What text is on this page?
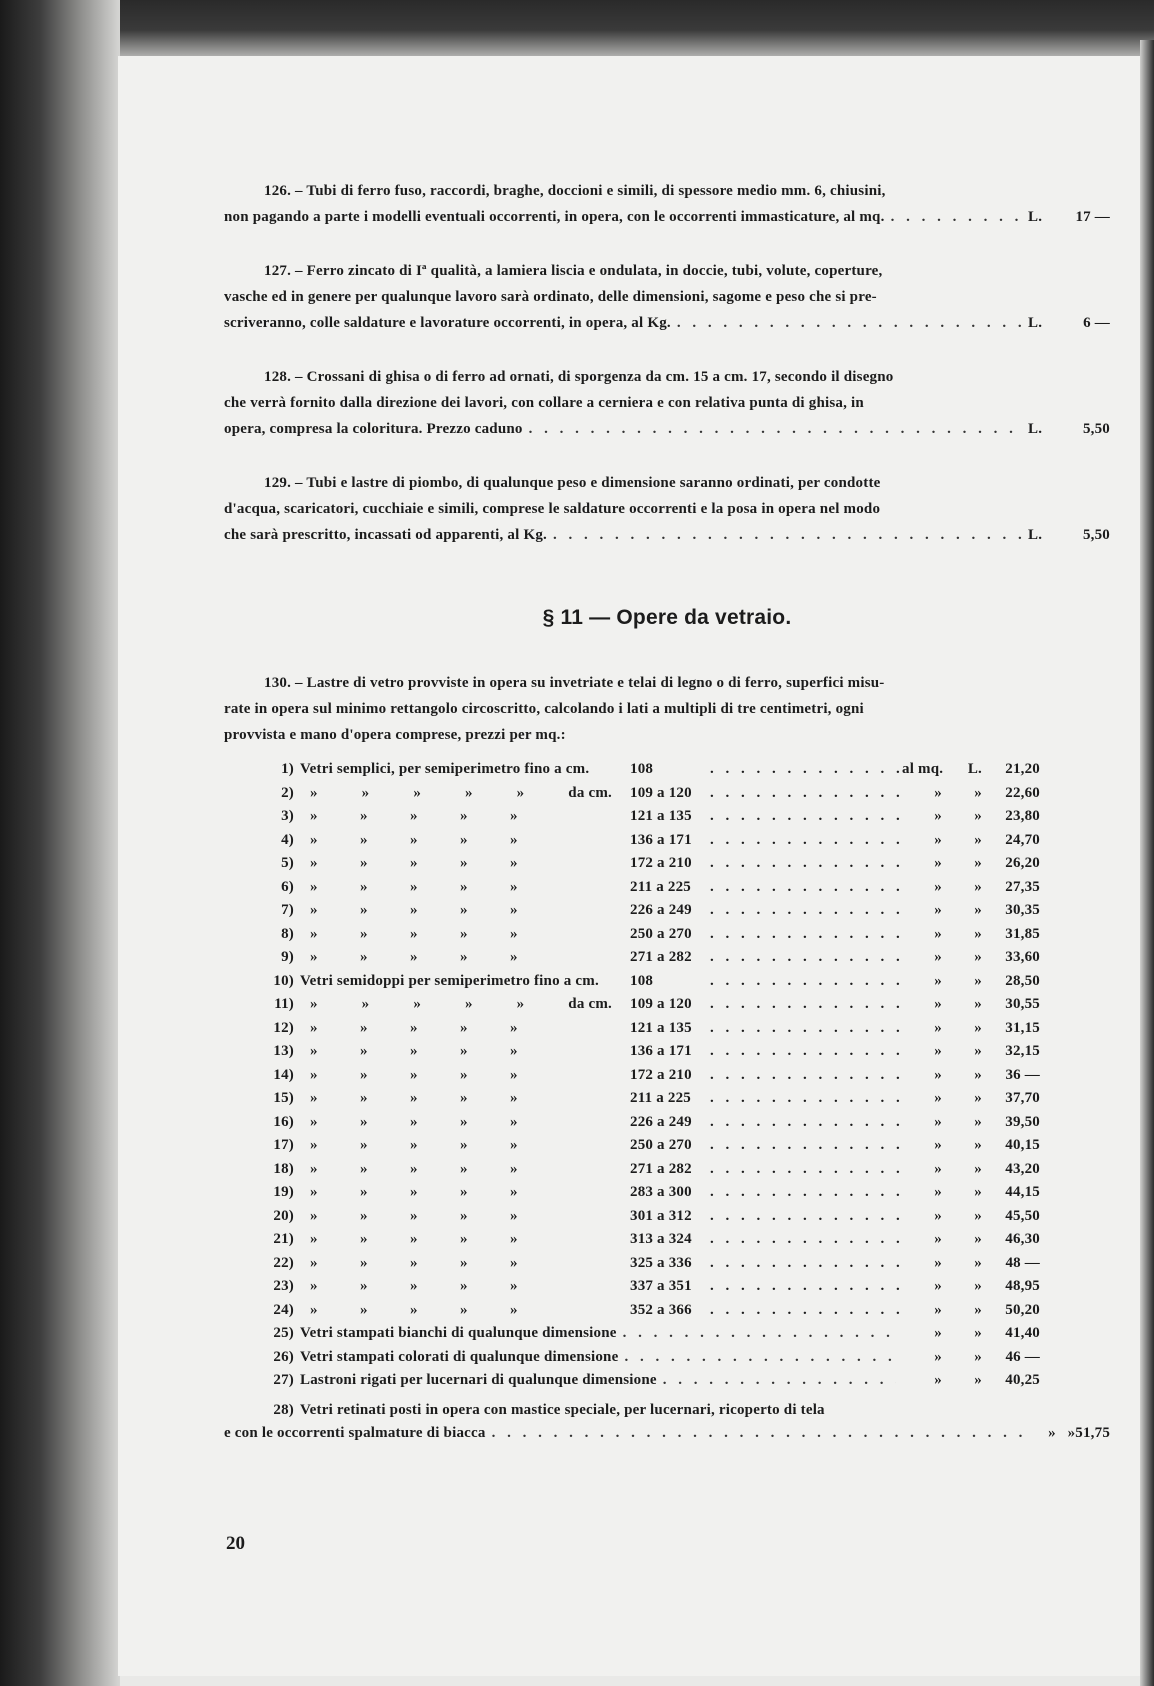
126. – Tubi di ferro fuso, raccordi, braghe, doccioni e simili, di spessore medio mm. 6, chiusini,
non pagando a parte i modelli eventuali occorrenti, in opera, con le occorrenti immasticature, al mq. . . .	L.	17 —
127. – Ferro zincato di Iª qualità, a lamiera liscia e ondulata, in doccie, tubi, volute, coperture,
vasche ed in genere per qualunque lavoro sarà ordinato, delle dimensioni, sagome e peso che si pre-
scriveranno, colle saldature e lavorature occorrenti, in opera, al Kg. . . .	L.	6 —
128. – Crossani di ghisa o di ferro ad ornati, di sporgenza da cm. 15 a cm. 17, secondo il disegno
che verrà fornito dalla direzione dei lavori, con collare a cerniera e con relativa punta di ghisa, in
opera, compresa la coloritura. Prezzo caduno . . .	L.	5,50
129. – Tubi e lastre di piombo, di qualunque peso e dimensione saranno ordinati, per condotte
d'acqua, scaricatori, cucchiaie e simili, comprese le saldature occorrenti e la posa in opera nel modo
che sarà prescritto, incassati od apparenti, al Kg. . . .	L.	5,50
§ 11 — Opere da vetraio.
130. – Lastre di vetro provviste in opera su invetriate e telai di legno o di ferro, superfici misu-
rate in opera sul minimo rettangolo circoscritto, calcolando i lati a multipli di tre centimetri, ogni
provvista e mano d'opera comprese, prezzi per mq.:
1) Vetri semplici, per semiperimetro fino a cm.	108 . . .	al mq.	L.	21,20
2)	»	»	»	»	»	da cm. 109 a 120 . . .	»	»	22,60
3)	»	»	»	»	»	121 a 135 . . .	»	»	23,80
4)	»	»	»	»	»	136 a 171 . . .	»	»	24,70
5)	»	»	»	»	»	172 a 210 . . .	»	»	26,20
6)	»	»	»	»	»	211 a 225 . . .	»	»	27,35
7)	»	»	»	»	»	226 a 249 . . .	»	»	30,35
8)	»	»	»	»	»	250 a 270 . . .	»	»	31,85
9)	»	»	»	»	»	271 a 282 . . .	»	»	33,60
10) Vetri semidoppi per semiperimetro fino a cm. 108 . . .	»	»	28,50
11)	»	»	»	»	»	da cm. 109 a 120 . . .	»	»	30,55
12)	»	»	»	»	»	121 a 135 . . .	»	»	31,15
13)	»	»	»	»	»	136 a 171 . . .	»	»	32,15
14)	»	»	»	»	»	172 a 210 . . .	»	»	36 —
15)	»	»	»	»	»	211 a 225 . . .	»	»	37,70
16)	»	»	»	»	»	226 a 249 . . .	»	»	39,50
17)	»	»	»	»	»	250 a 270 . . .	»	»	40,15
18)	»	»	»	»	»	271 a 282 . . .	»	»	43,20
19)	»	»	»	»	»	283 a 300 . . .	»	»	44,15
20)	»	»	»	»	»	301 a 312 . . .	»	»	45,50
21)	»	»	»	»	»	313 a 324 . . .	»	»	46,30
22)	»	»	»	»	»	325 a 336 . . .	»	»	48 —
23)	»	»	»	»	»	337 a 351 . . .	»	»	48,95
24)	»	»	»	»	»	352 a 366 . . .	»	»	50,20
25) Vetri stampati bianchi di qualunque dimensione . . .	»	»	41,40
26) Vetri stampati colorati di qualunque dimensione . . .	»	»	46 —
27) Lastroni rigati per lucernari di qualunque dimensione . . .	»	»	40,25
28) Vetri retinati posti in opera con mastice speciale, per lucernari, ricoperto di tela
e con le occorrenti spalmature di biacca . . .	» » 51,75
20
